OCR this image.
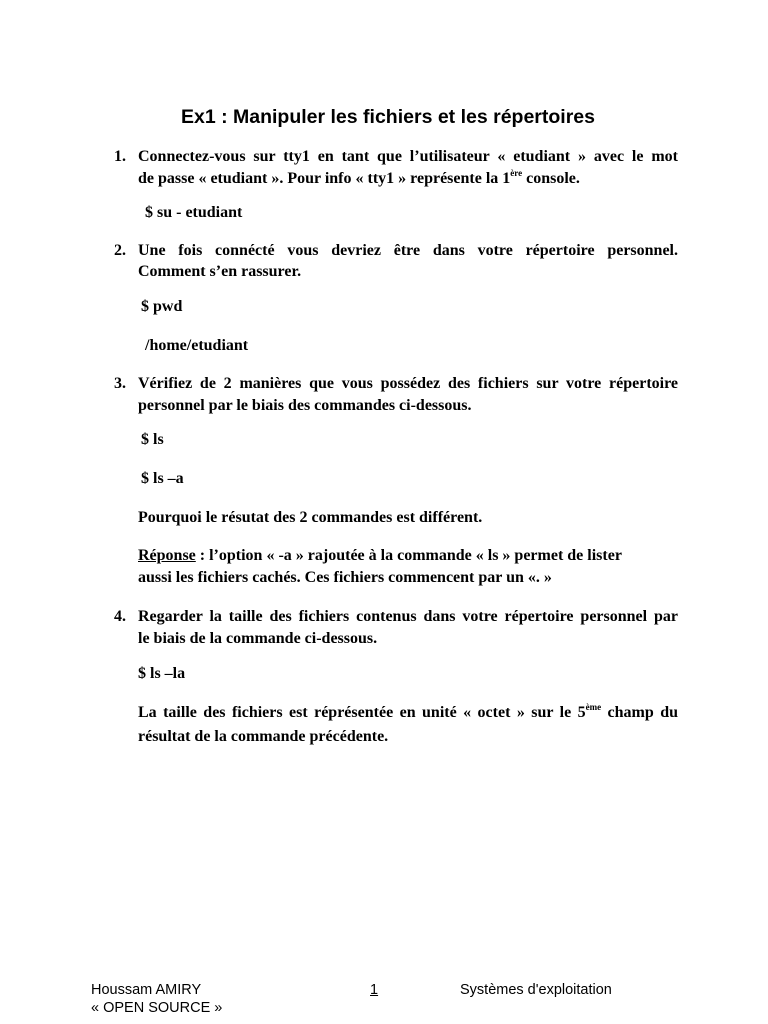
Ex1 : Manipuler les fichiers et les répertoires
1. Connectez-vous sur tty1 en tant que l’utilisateur « etudiant » avec le mot
de passe « etudiant ». Pour info « tty1 » représente la 1ère console.
$ su - etudiant
2. Une fois connécté vous devriez être dans votre répertoire personnel.
Comment s’en rassurer.
$ pwd
/home/etudiant
3. Vérifiez de 2 manières que vous possédez des fichiers sur votre répertoire
personnel par le biais des commandes ci-dessous.
$ ls
$ ls –a
Pourquoi le résutat des 2 commandes est différent.
Réponse : l’option « -a » rajoutée à la commande « ls » permet de lister
aussi les fichiers cachés. Ces fichiers commencent par un «. »
4. Regarder la taille des fichiers contenus dans votre répertoire personnel par
le biais de la commande ci-dessous.
$ ls –la
La taille des fichiers est réprésentée en unité « octet » sur le 5ème champ du
résultat de la commande précédente.
Houssam AMIRY
« OPEN SOURCE »
1	Systèmes d'exploitation
